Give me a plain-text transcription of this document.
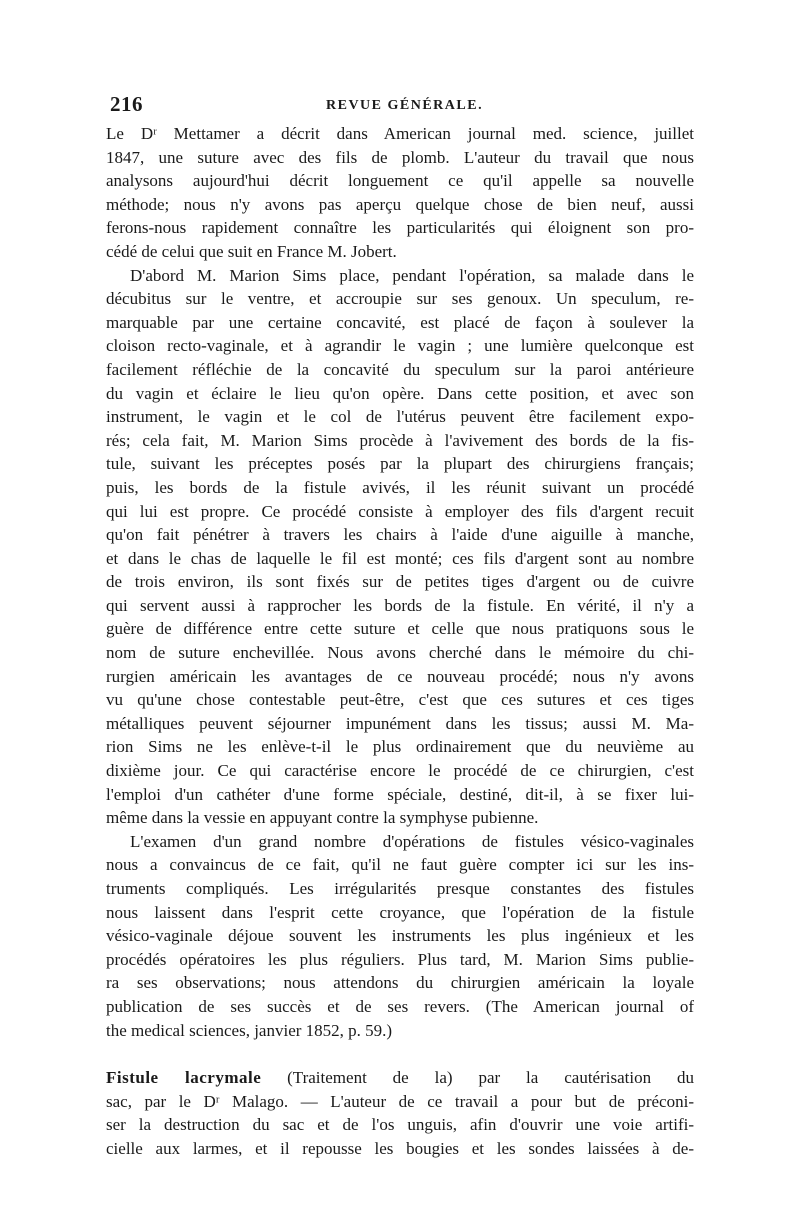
216	REVUE GÉNÉRALE.
Le Dʳ Mettamer a décrit dans American journal med. science, juillet
1847, une suture avec des fils de plomb. L'auteur du travail que nous
analysons aujourd'hui décrit longuement ce qu'il appelle sa nouvelle
méthode; nous n'y avons pas aperçu quelque chose de bien neuf, aussi
ferons-nous rapidement connaître les particularités qui éloignent son pro-
cédé de celui que suit en France M. Jobert.
D'abord M. Marion Sims place, pendant l'opération, sa malade dans le
décubitus sur le ventre, et accroupie sur ses genoux. Un speculum, re-
marquable par une certaine concavité, est placé de façon à soulever la
cloison recto-vaginale, et à agrandir le vagin ; une lumière quelconque est
facilement réfléchie de la concavité du speculum sur la paroi antérieure
du vagin et éclaire le lieu qu'on opère. Dans cette position, et avec son
instrument, le vagin et le col de l'utérus peuvent être facilement expo-
rés; cela fait, M. Marion Sims procède à l'avivement des bords de la fis-
tule, suivant les préceptes posés par la plupart des chirurgiens français;
puis, les bords de la fistule avivés, il les réunit suivant un procédé
qui lui est propre. Ce procédé consiste à employer des fils d'argent recuit
qu'on fait pénétrer à travers les chairs à l'aide d'une aiguille à manche,
et dans le chas de laquelle le fil est monté; ces fils d'argent sont au nombre
de trois environ, ils sont fixés sur de petites tiges d'argent ou de cuivre
qui servent aussi à rapprocher les bords de la fistule. En vérité, il n'y a
guère de différence entre cette suture et celle que nous pratiquons sous le
nom de suture enchevillée. Nous avons cherché dans le mémoire du chi-
rurgien américain les avantages de ce nouveau procédé; nous n'y avons
vu qu'une chose contestable peut-être, c'est que ces sutures et ces tiges
métalliques peuvent séjourner impunément dans les tissus; aussi M. Ma-
rion Sims ne les enlève-t-il le plus ordinairement que du neuvième au
dixième jour. Ce qui caractérise encore le procédé de ce chirurgien, c'est
l'emploi d'un cathéter d'une forme spéciale, destiné, dit-il, à se fixer lui-
même dans la vessie en appuyant contre la symphyse pubienne.
L'examen d'un grand nombre d'opérations de fistules vésico-vaginales
nous a convaincus de ce fait, qu'il ne faut guère compter ici sur les ins-
truments compliqués. Les irrégularités presque constantes des fistules
nous laissent dans l'esprit cette croyance, que l'opération de la fistule
vésico-vaginale déjoue souvent les instruments les plus ingénieux et les
procédés opératoires les plus réguliers. Plus tard, M. Marion Sims publie-
ra ses observations; nous attendons du chirurgien américain la loyale
publication de ses succès et de ses revers. (The American journal of
the medical sciences, janvier 1852, p. 59.)
Fistule lacrymale (Traitement de la) par la cautérisation du
sac, par le Dʳ Malago. — L'auteur de ce travail a pour but de préconi-
ser la destruction du sac et de l'os unguis, afin d'ouvrir une voie artifi-
cielle aux larmes, et il repousse les bougies et les sondes laissées à de-
